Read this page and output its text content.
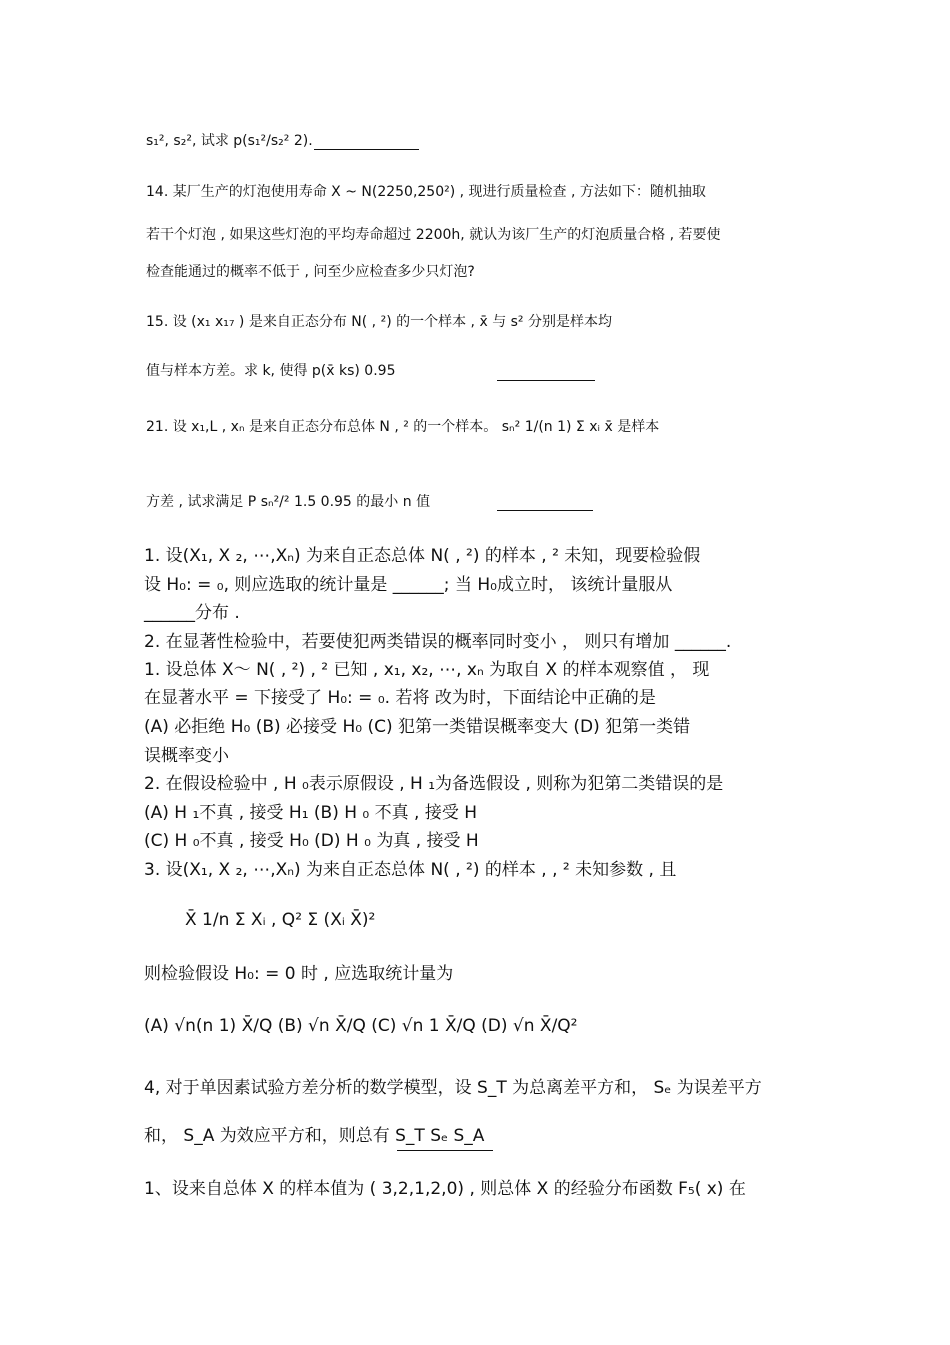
s₁², s₂², 试求 p(s₁²/s₂² 2).
14. 某厂生产的灯泡使用寿命 X ~ N(2250,250²) , 现进行质量检查 , 方法如下：随机抽取
若干个灯泡 , 如果这些灯泡的平均寿命超过 2200h, 就认为该厂生产的灯泡质量合格 , 若要使
检查能通过的概率不低于 , 问至少应检查多少只灯泡?
15. 设 (x₁ x₁₇ ) 是来自正态分布 N( , ²) 的一个样本 , x̄ 与 s² 分别是样本均
值与样本方差。求 k, 使得 p(x̄ ks) 0.95
21. 设 x₁,L , xₙ 是来自正态分布总体 N , ² 的一个样本。 sₙ² 1/(n 1) Σ xᵢ x̄ 是样本
方差 , 试求满足 P sₙ²/² 1.5 0.95 的最小 n 值
1. 设(X₁, X ₂, ⋯,Xₙ) 为来自正态总体 N( , ²) 的样本 , ² 未知，现要检验假
设 H₀: = ₀, 则应选取的统计量是 ______; 当 H₀成立时， 该统计量服从
______分布 .
2. 在显著性检验中，若要使犯两类错误的概率同时变小 ， 则只有增加 ______.
1. 设总体 X～ N( , ²) , ² 已知 , x₁, x₂, ⋯, xₙ 为取自 X 的样本观察值 ， 现
在显著水平 = 下接受了 H₀: = ₀. 若将 改为时，下面结论中正确的是
(A) 必拒绝 H₀ (B) 必接受 H₀ (C) 犯第一类错误概率变大 (D) 犯第一类错
误概率变小
2. 在假设检验中 , H ₀表示原假设 , H ₁为备选假设 , 则称为犯第二类错误的是
(A) H ₁不真 , 接受 H₁ (B) H ₀ 不真 , 接受 H
(C) H ₀不真 , 接受 H₀ (D) H ₀ 为真 , 接受 H
3. 设(X₁, X ₂, ⋯,Xₙ) 为来自正态总体 N( , ²) 的样本 , , ² 未知参数 , 且
X̄ 1/n Σ Xᵢ , Q² Σ (Xᵢ X̄)²
则检验假设 H₀: = 0 时 , 应选取统计量为
(A) √n(n 1) X̄/Q (B) √n X̄/Q (C) √n 1 X̄/Q (D) √n X̄/Q²
4, 对于单因素试验方差分析的数学模型，设 S_T 为总离差平方和， Sₑ 为误差平方
和， S_A 为效应平方和，则总有 S_T Sₑ S_A
1、设来自总体 X 的样本值为 ( 3,2,1,2,0) , 则总体 X 的经验分布函数 F₅( x) 在
